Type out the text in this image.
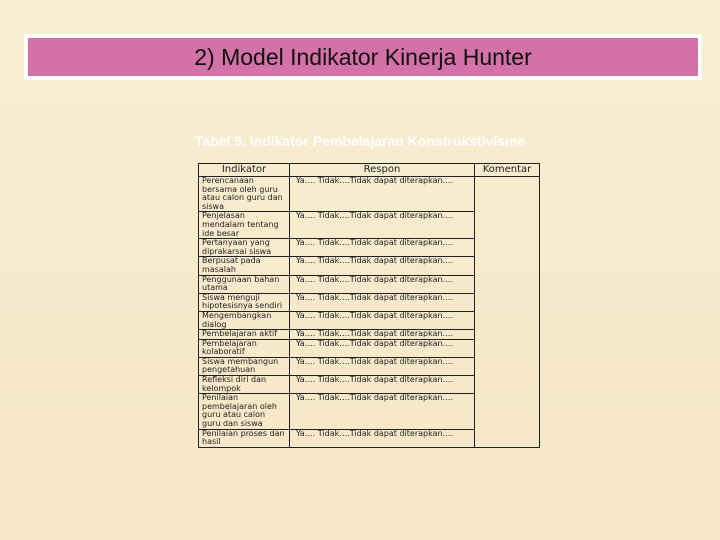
2) Model Indikator Kinerja Hunter
Tabel 5. Indikator Pembelajaran Konstrukstivisme
Indikator	Respon	Komentar
Perencanaan bersama oleh guru atau calon guru dan siswa	Ya…. Tidak….Tidak dapat diterapkan….	
Penjelasan mendalam tentang ide besar	Ya…. Tidak….Tidak dapat diterapkan….	
Pertanyaan yang diprakarsai siswa	Ya…. Tidak….Tidak dapat diterapkan….	
Berpusat pada masalah	Ya…. Tidak….Tidak dapat diterapkan….	
Penggunaan bahan utama	Ya…. Tidak….Tidak dapat diterapkan….	
Siswa menguji hipotesisnya sendiri	Ya…. Tidak….Tidak dapat diterapkan….	
Mengembangkan dialog	Ya…. Tidak….Tidak dapat diterapkan….	
Pembelajaran aktif	Ya…. Tidak….Tidak dapat diterapkan….	
Pembelajaran kolaboratif	Ya…. Tidak….Tidak dapat diterapkan….	
Siswa membangun pengetahuan	Ya…. Tidak….Tidak dapat diterapkan….	
Refleksi diri dan kelompok	Ya…. Tidak….Tidak dapat diterapkan….	
Penilaian pembelajaran oleh guru atau calon guru dan siswa	Ya…. Tidak….Tidak dapat diterapkan….	
Penilaian proses dan hasil	Ya…. Tidak….Tidak dapat diterapkan….	
